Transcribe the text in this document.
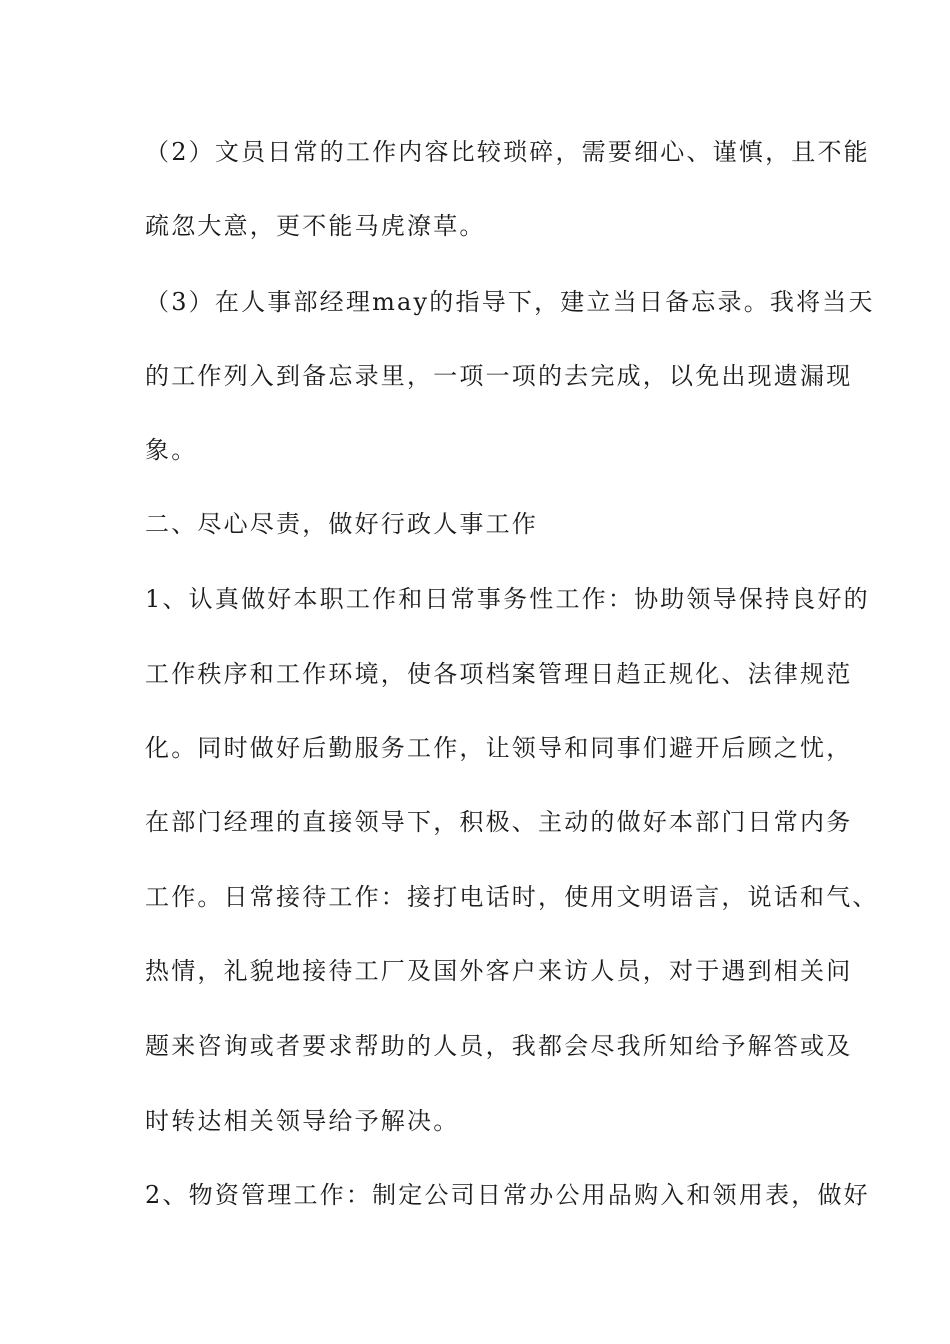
（2）文员日常的工作内容比较琐碎，需要细心、谨慎，且不能
疏忽大意，更不能马虎潦草。
（3）在人事部经理may的指导下，建立当日备忘录。我将当天
的工作列入到备忘录里，一项一项的去完成，以免出现遗漏现
象。
二、尽心尽责，做好行政人事工作
1、认真做好本职工作和日常事务性工作：协助领导保持良好的
工作秩序和工作环境，使各项档案管理日趋正规化、法律规范
化。同时做好后勤服务工作，让领导和同事们避开后顾之忧，
在部门经理的直接领导下，积极、主动的做好本部门日常内务
工作。日常接待工作：接打电话时，使用文明语言，说话和气、
热情，礼貌地接待工厂及国外客户来访人员，对于遇到相关问
题来咨询或者要求帮助的人员，我都会尽我所知给予解答或及
时转达相关领导给予解决。
2、物资管理工作：制定公司日常办公用品购入和领用表，做好
